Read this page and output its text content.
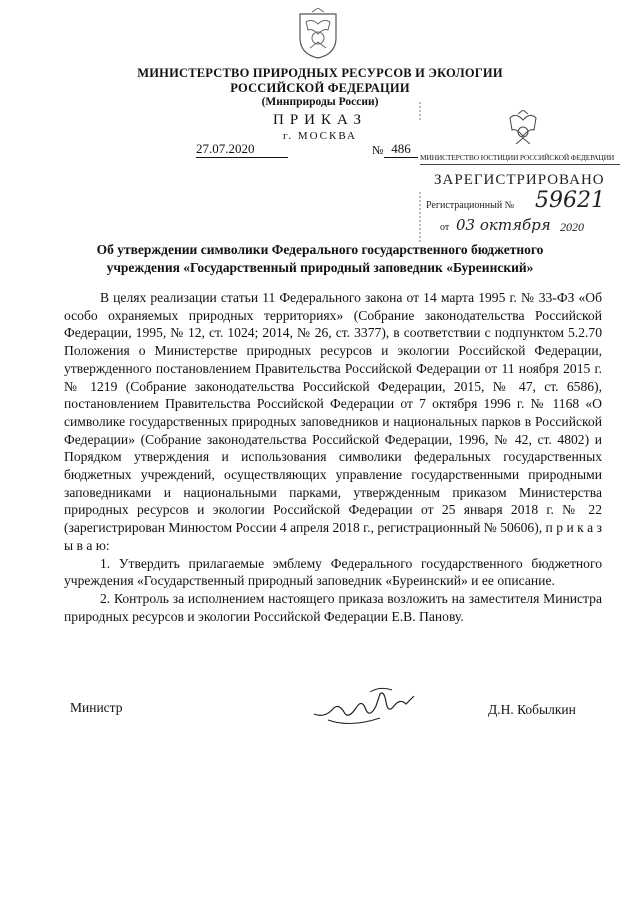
МИНИСТЕРСТВО ПРИРОДНЫХ РЕСУРСОВ И ЭКОЛОГИИ
РОССИЙСКОЙ ФЕДЕРАЦИИ
(Минприроды России)
ПРИКАЗ
г. МОСКВА
27.07.2020	№ 486
МИНИСТЕРСТВО ЮСТИЦИИ РОССИЙСКОЙ ФЕДЕРАЦИИ
ЗАРЕГИСТРИРОВАНО
Регистрационный № 59621
от 03 октября 2020
Об утверждении символики Федерального государственного бюджетного учреждения «Государственный природный заповедник «Буреинский»

В целях реализации статьи 11 Федерального закона от 14 марта 1995 г. № 33-ФЗ «Об особо охраняемых природных территориях» (Собрание законодательства Российской Федерации, 1995, № 12, ст. 1024; 2014, № 26, ст. 3377), в соответствии с подпунктом 5.2.70 Положения о Министерстве природных ресурсов и экологии Российской Федерации, утвержденного постановлением Правительства Российской Федерации от 11 ноября 2015 г. № 1219 (Собрание законодательства Российской Федерации, 2015, № 47, ст. 6586), постановлением Правительства Российской Федерации от 7 октября 1996 г. № 1168 «О символике государственных природных заповедников и национальных парков в Российской Федерации» (Собрание законодательства Российской Федерации, 1996, № 42, ст. 4802) и Порядком утверждения и использования символики федеральных государственных бюджетных учреждений, осуществляющих управление государственными природными заповедниками и национальными парками, утвержденным приказом Министерства природных ресурсов и экологии Российской Федерации от 25 января 2018 г. № 22 (зарегистрирован Минюстом России 4 апреля 2018 г., регистрационный № 50606), п р и к а з ы в а ю:

1. Утвердить прилагаемые эмблему Федерального государственного бюджетного учреждения «Государственный природный заповедник «Буреинский» и ее описание.

2. Контроль за исполнением настоящего приказа возложить на заместителя Министра природных ресурсов и экологии Российской Федерации Е.В. Панову.

Министр	Д.Н. Кобылкин
